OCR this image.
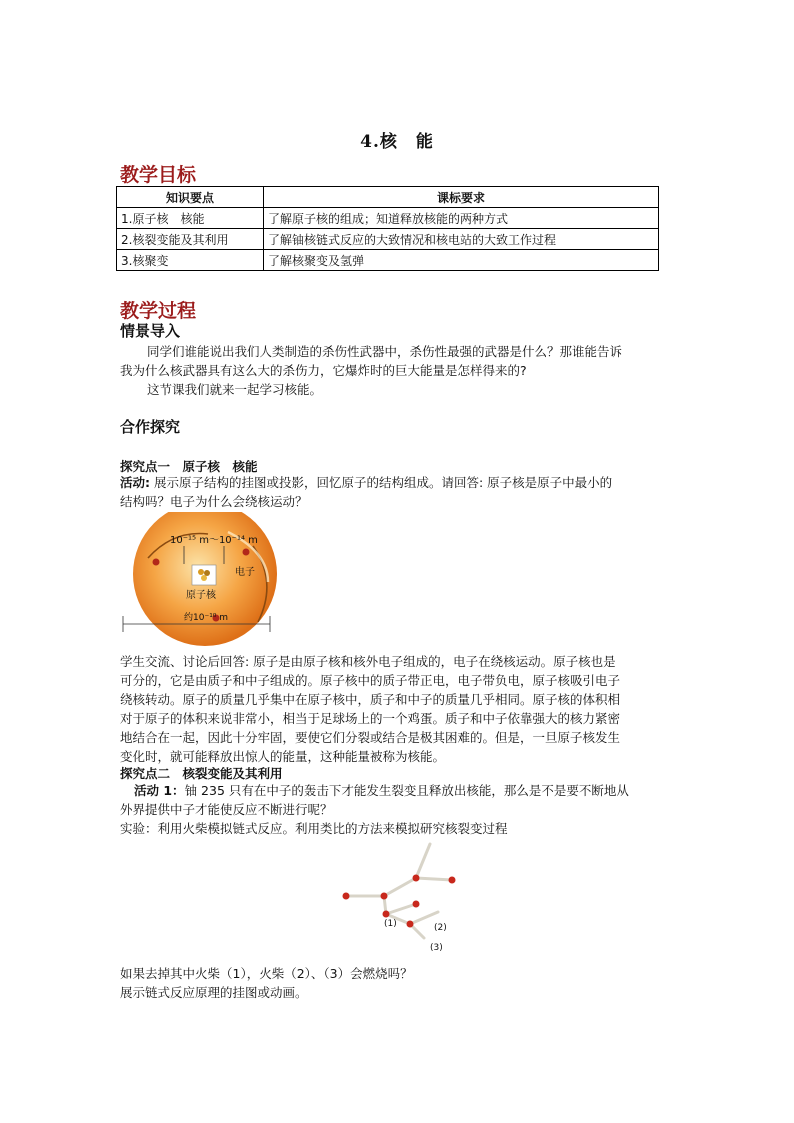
4.核　能
教学目标
知识要点	课标要求
1.原子核　核能	了解原子核的组成；知道释放核能的两种方式
2.核裂变能及其利用	了解铀核链式反应的大致情况和核电站的大致工作过程
3.核聚变	了解核聚变及氢弹
教学过程
情景导入
同学们谁能说出我们人类制造的杀伤性武器中，杀伤性最强的武器是什么？那谁能告诉
我为什么核武器具有这么大的杀伤力，它爆炸时的巨大能量是怎样得来的?
这节课我们就来一起学习核能。
合作探究
探究点一　原子核　核能
活动: 展示原子结构的挂图或投影，回忆原子的结构组成。请回答: 原子核是原子中最小的
结构吗？电子为什么会绕核运动？
10⁻¹⁵ m～10⁻¹⁴ m
电子
原子核
约10⁻¹⁰ m
学生交流、讨论后回答: 原子是由原子核和核外电子组成的，电子在绕核运动。原子核也是
可分的，它是由质子和中子组成的。原子核中的质子带正电，电子带负电，原子核吸引电子
绕核转动。原子的质量几乎集中在原子核中，质子和中子的质量几乎相同。原子核的体积相
对于原子的体积来说非常小，相当于足球场上的一个鸡蛋。质子和中子依靠强大的核力紧密
地结合在一起，因此十分牢固，要使它们分裂或结合是极其困难的。但是，一旦原子核发生
变化时，就可能释放出惊人的能量，这种能量被称为核能。
探究点二　核裂变能及其利用
活动 1：铀 235 只有在中子的轰击下才能发生裂变且释放出核能，那么是不是要不断地从
外界提供中子才能使反应不断进行呢？
实验：利用火柴模拟链式反应。利用类比的方法来模拟研究核裂变过程
(1)	(2)
(3)
如果去掉其中火柴（1），火柴（2）、（3）会燃烧吗？
展示链式反应原理的挂图或动画。
